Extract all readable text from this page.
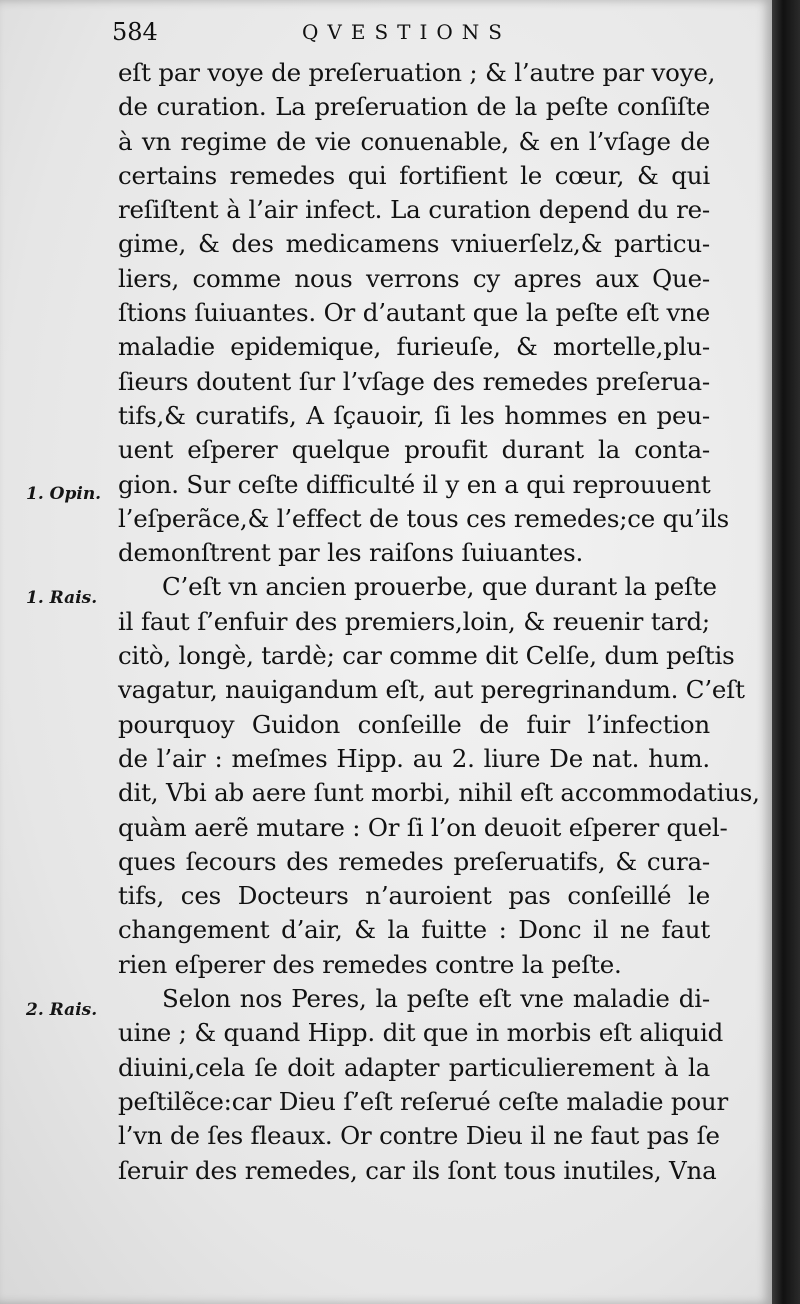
584	QVESTIONS
1. Opin.
1. Rais.
2. Rais.
eſt par voye de preſeruation ; & l’autre par voye,
de curation. La preſeruation de la peſte conſiſte
à vn regime de vie conuenable, & en l’vſage de
certains remedes qui fortifient le cœur, & qui
reſiſtent à l’air infect. La curation depend du re-
gime, & des medicamens vniuerſelz,& particu-
liers, comme nous verrons cy apres aux Que-
ſtions ſuiuantes. Or d’autant que la peſte eſt vne
maladie epidemique, furieuſe, & mortelle,plu-
ſieurs doutent ſur l’vſage des remedes preſerua-
tifs,& curatifs, A ſçauoir, ſi les hommes en peu-
uent eſperer quelque proufit durant la conta-
gion. Sur ceſte difficulté il y en a qui reprouuent
l’eſperãce,& l’effect de tous ces remedes;ce qu’ils
demonſtrent par les raiſons ſuiuantes.
C’eſt vn ancien prouerbe, que durant la peſte
il faut ſ’enfuir des premiers,loin, & reuenir tard;
citò, longè, tardè; car comme dit Celſe, dum peſtis
vagatur, nauigandum eſt, aut peregrinandum. C’eſt
pourquoy Guidon conſeille de fuir l’infection
de l’air : meſmes Hipp. au 2. liure De nat. hum.
dit, Vbi ab aere ſunt morbi, nihil eſt accommodatius,
quàm aerẽ mutare : Or ſi l’on deuoit eſperer quel-
ques ſecours des remedes preſeruatifs, & cura-
tifs, ces Docteurs n’auroient pas conſeillé le
changement d’air, & la fuitte : Donc il ne faut
rien eſperer des remedes contre la peſte.
Selon nos Peres, la peſte eſt vne maladie di-
uine ; & quand Hipp. dit que in morbis eſt aliquid
diuini,cela ſe doit adapter particulierement à la
peſtilẽce:car Dieu ſ’eſt reſerué ceſte maladie pour
l’vn de ſes fleaux. Or contre Dieu il ne faut pas ſe
ſeruir des remedes, car ils ſont tous inutiles, Vna
